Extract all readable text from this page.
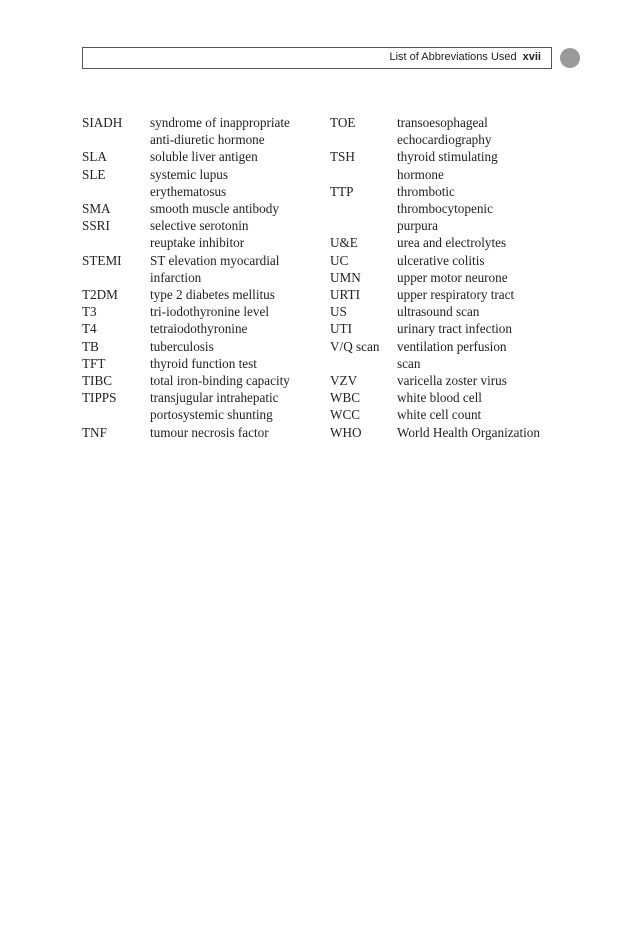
List of Abbreviations Used xvii
SIADH	syndrome of inappropriate
anti-diuretic hormone
SLA	soluble liver antigen
SLE	systemic lupus
erythematosus
SMA	smooth muscle antibody
SSRI	selective serotonin
reuptake inhibitor
STEMI	ST elevation myocardial
infarction
T2DM	type 2 diabetes mellitus
T3	tri-iodothyronine level
T4	tetraiodothyronine
TB	tuberculosis
TFT	thyroid function test
TIBC	total iron-binding capacity
TIPPS	transjugular intrahepatic
portosystemic shunting
TNF	tumour necrosis factor
TOE	transoesophageal
echocardiography
TSH	thyroid stimulating
hormone
TTP	thrombotic
thrombocytopenic
purpura
U&E	urea and electrolytes
UC	ulcerative colitis
UMN	upper motor neurone
URTI	upper respiratory tract
US	ultrasound scan
UTI	urinary tract infection
V/Q scan	ventilation perfusion
scan
VZV	varicella zoster virus
WBC	white blood cell
WCC	white cell count
WHO	World Health Organization
